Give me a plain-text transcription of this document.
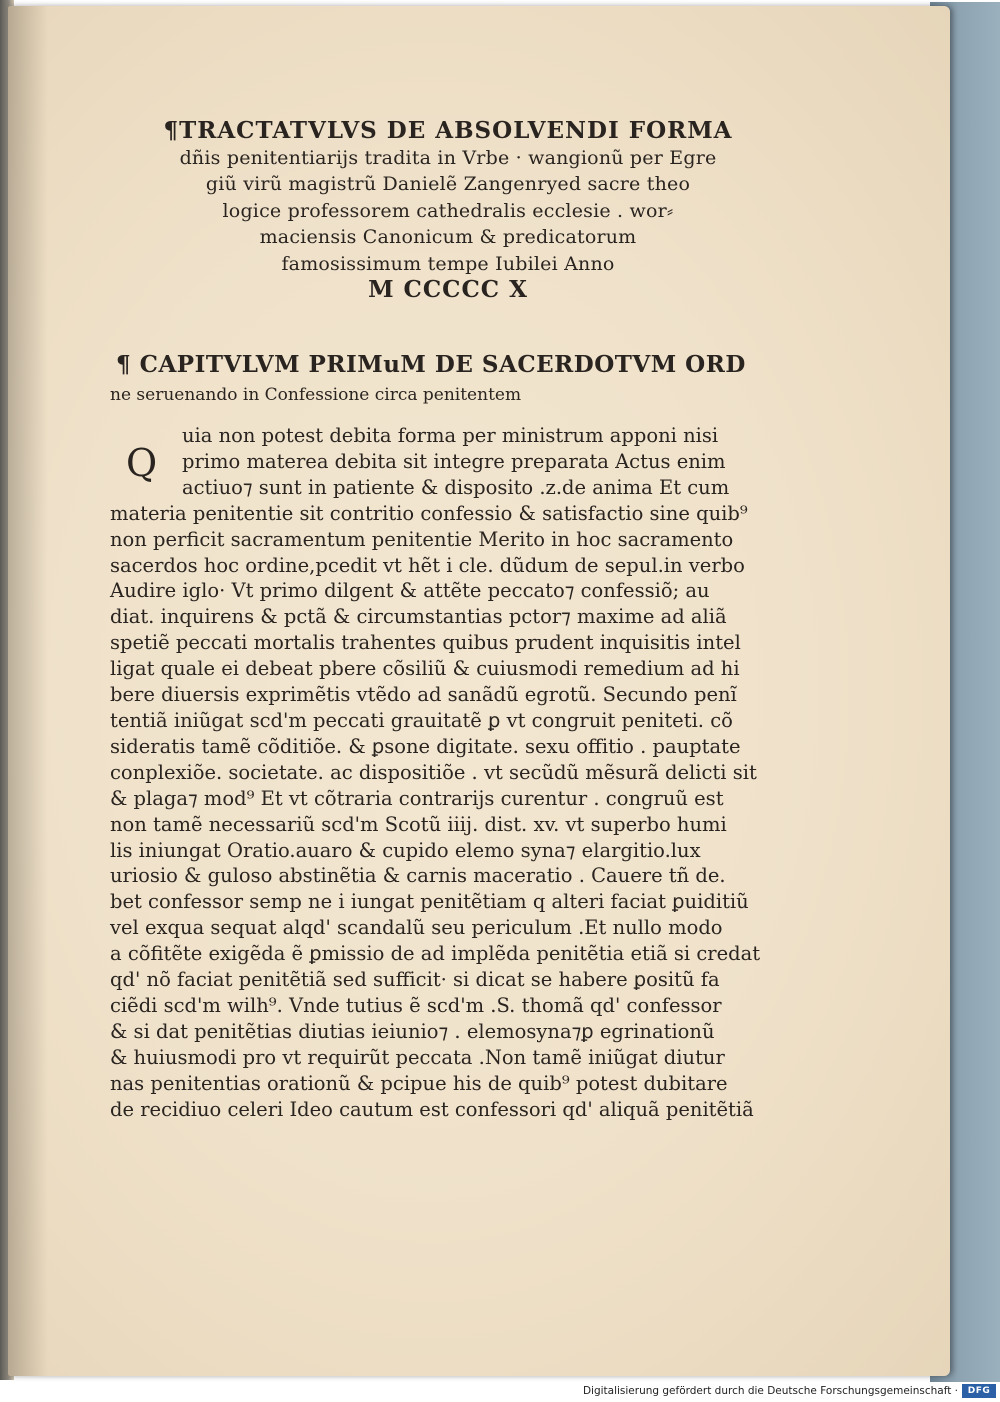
¶TRACTATVLVS DE ABSOLVENDI FORMA
dñis penitentiarijs tradita in Vrbe · wangionũ per Egre
giũ virũ magistrũ Danielẽ Zangenryed sacre theo
logice professorem cathedralis ecclesie . wor⸗
maciensis Canonicum & predicatorum
famosissimum tempe Iubilei Anno
M CCCCC X
¶ CAPITVLVM PRIMuM DE SACERDOTVM ORD
ne seruenando in Confessione circa penitentem
Q
uia non potest debita forma per ministrum apponi nisi
primo materea debita sit integre preparata Actus enim
actiuo⁊ sunt in patiente & disposito .z.de anima Et cum
materia penitentie sit contritio confessio & satisfactio sine quib⁹
non perficit sacramentum penitentie Merito in hoc sacramento
sacerdos hoc ordine,pcedit vt hẽt i cle. dũdum de sepul.in verbo
Audire iglo· Vt primo dilgent & attẽte peccato⁊ confessiõ; au
diat. inquirens & pctã & circumstantias pctor⁊ maxime ad aliã
spetiẽ peccati mortalis trahentes quibus prudent inquisitis intel
ligat quale ei debeat pbere cõsiliũ & cuiusmodi remedium ad hi
bere diuersis exprimẽtis vtẽdo ad sanãdũ egrotũ. Secundo penĩ
tentiã iniũgat scd'm peccati grauitatẽ ꝑ vt congruit peniteti. cõ
sideratis tamẽ cõditiõe. & ꝑsone digitate. sexu offitio . pauptate
conplexiõe. societate. ac dispositiõe . vt secũdũ mẽsurã delicti sit
& plaga⁊ mod⁹ Et vt cõtraria contrarijs curentur . congruũ est
non tamẽ necessariũ scd'm Scotũ iiij. dist. xv. vt superbo humi
lis iniungat Oratio.auaro & cupido elemo syna⁊ elargitio.lux
uriosio & guloso abstinẽtia & carnis maceratio . Cauere tñ de.
bet confessor semp ne i iungat penitẽtiam q alteri faciat ꝑuiditiũ
vel exqua sequat alqd' scandalũ seu periculum .Et nullo modo
a cõfitẽte exigẽda ẽ ꝑmissio de ad implẽda penitẽtia etiã si credat
qd' nõ faciat penitẽtiã sed sufficit· si dicat se habere ꝑositũ fa
ciẽdi scd'm wilh⁹. Vnde tutius ẽ scd'm .S. thomã qd' confessor
& si dat penitẽtias diutias ieiunio⁊ . elemosyna⁊ꝑ egrinationũ
& huiusmodi pro vt requirũt peccata .Non tamẽ iniũgat diutur
nas penitentias orationũ & pcipue his de quib⁹ potest dubitare
de recidiuo celeri Ideo cautum est confessori qd' aliquã penitẽtiã
Digitalisierung gefördert durch die Deutsche Forschungsgemeinschaft ·	DFG
